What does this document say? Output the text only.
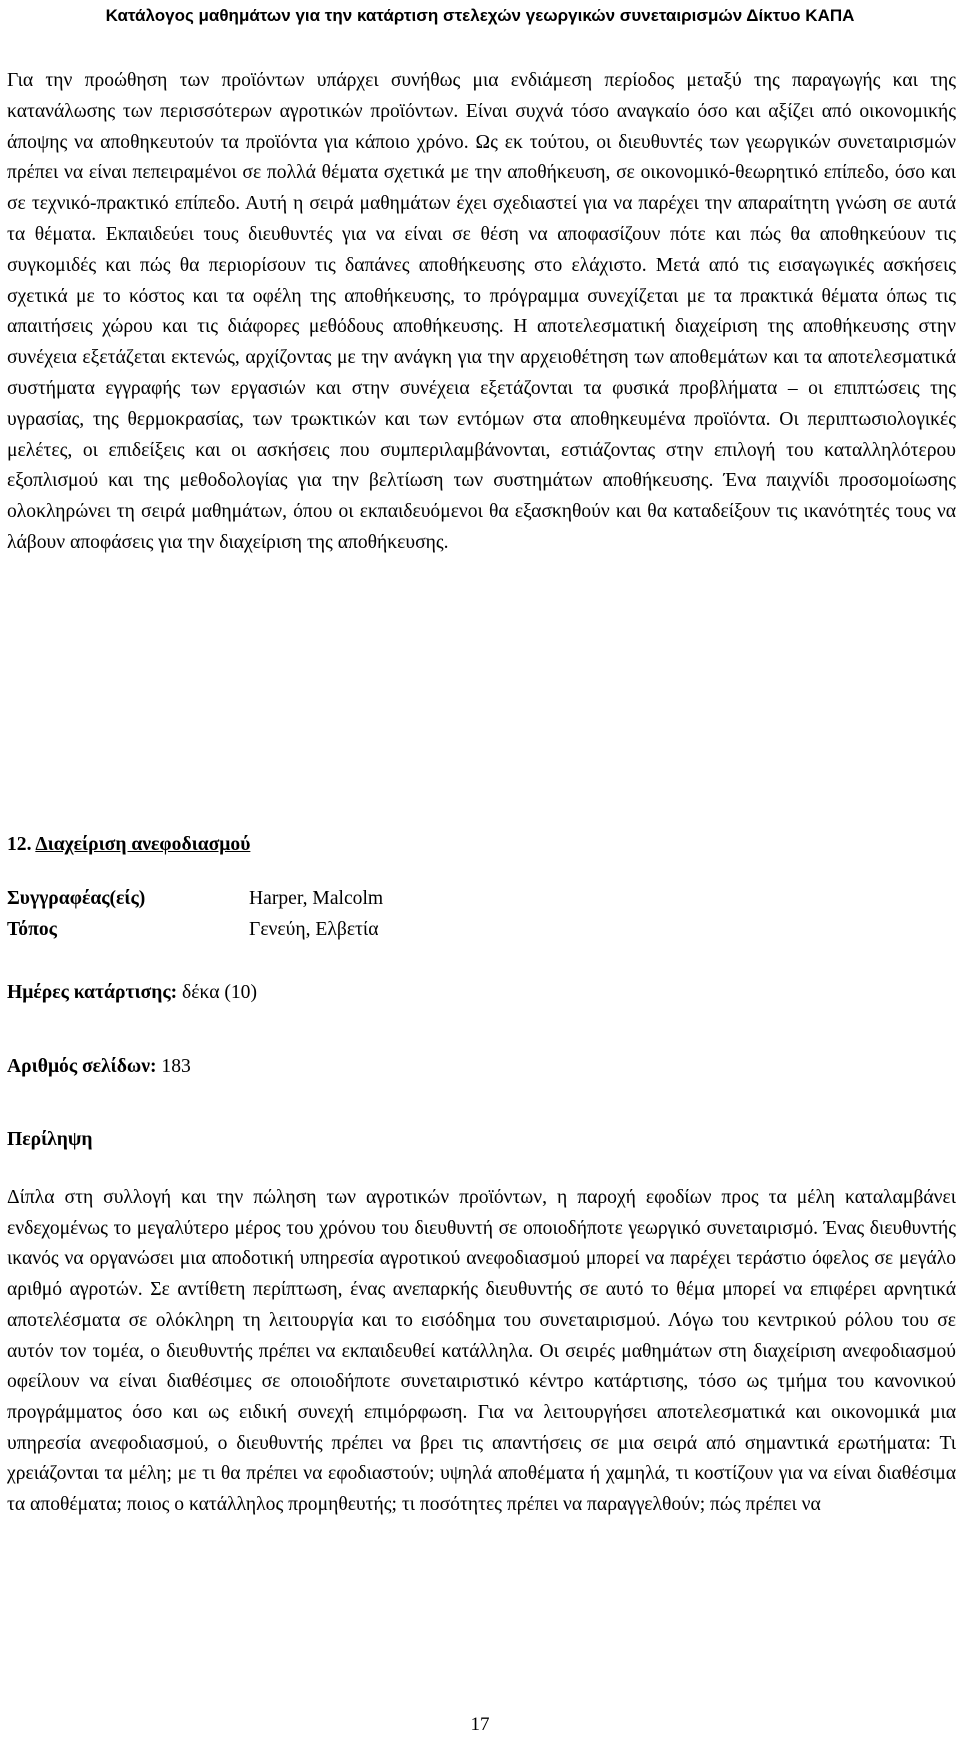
Κατάλογος μαθημάτων για την κατάρτιση στελεχών γεωργικών συνεταιρισμών Δίκτυο ΚΑΠΑ

Για την προώθηση των προϊόντων υπάρχει συνήθως μια ενδιάμεση περίοδος μεταξύ της παραγωγής και της κατανάλωσης των περισσότερων αγροτικών προϊόντων. Είναι συχνά τόσο αναγκαίο όσο και αξίζει από οικονομικής άποψης να αποθηκευτούν τα προϊόντα για κάποιο χρόνο. Ως εκ τούτου, οι διευθυντές των γεωργικών συνεταιρισμών πρέπει να είναι πεπειραμένοι σε πολλά θέματα σχετικά με την αποθήκευση, σε οικονομικό-θεωρητικό επίπεδο, όσο και σε τεχνικό-πρακτικό επίπεδο. Αυτή η σειρά μαθημάτων έχει σχεδιαστεί για να παρέχει την απαραίτητη γνώση σε αυτά τα θέματα. Εκπαιδεύει τους διευθυντές για να είναι σε θέση να αποφασίζουν πότε και πώς θα αποθηκεύουν τις συγκομιδές και πώς θα περιορίσουν τις δαπάνες αποθήκευσης στο ελάχιστο. Μετά από τις εισαγωγικές ασκήσεις σχετικά με το κόστος και τα οφέλη της αποθήκευσης, το πρόγραμμα συνεχίζεται με τα πρακτικά θέματα όπως τις απαιτήσεις χώρου και τις διάφορες μεθόδους αποθήκευσης. Η αποτελεσματική διαχείριση της αποθήκευσης στην συνέχεια εξετάζεται εκτενώς, αρχίζοντας με την ανάγκη για την αρχειοθέτηση των αποθεμάτων και τα αποτελεσματικά συστήματα εγγραφής των εργασιών και στην συνέχεια εξετάζονται τα φυσικά προβλήματα – οι επιπτώσεις της υγρασίας, της θερμοκρασίας, των τρωκτικών και των εντόμων στα αποθηκευμένα προϊόντα. Οι περιπτωσιολογικές μελέτες, οι επιδείξεις και οι ασκήσεις που συμπεριλαμβάνονται, εστιάζοντας στην επιλογή του καταλληλότερου εξοπλισμού και της μεθοδολογίας για την βελτίωση των συστημάτων αποθήκευσης. Ένα παιχνίδι προσομοίωσης ολοκληρώνει τη σειρά μαθημάτων, όπου οι εκπαιδευόμενοι θα εξασκηθούν και θα καταδείξουν τις ικανότητές τους να λάβουν αποφάσεις για την διαχείριση της αποθήκευσης.

12. Διαχείριση ανεφοδιασμού
Συγγραφέας(είς)	Harper, Malcolm
Τόπος	Γενεύη, Ελβετία
Ημέρες κατάρτισης: δέκα (10)
Αριθμός σελίδων: 183
Περίληψη

Δίπλα στη συλλογή και την πώληση των αγροτικών προϊόντων, η παροχή εφοδίων προς τα μέλη καταλαμβάνει ενδεχομένως το μεγαλύτερο μέρος του χρόνου του διευθυντή σε οποιοδήποτε γεωργικό συνεταιρισμό. Ένας διευθυντής ικανός να οργανώσει μια αποδοτική υπηρεσία αγροτικού ανεφοδιασμού μπορεί να παρέχει τεράστιο όφελος σε μεγάλο αριθμό αγροτών. Σε αντίθετη περίπτωση, ένας ανεπαρκής διευθυντής σε αυτό το θέμα μπορεί να επιφέρει αρνητικά αποτελέσματα σε ολόκληρη τη λειτουργία και το εισόδημα του συνεταιρισμού. Λόγω του κεντρικού ρόλου του σε αυτόν τον τομέα, ο διευθυντής πρέπει να εκπαιδευθεί κατάλληλα. Οι σειρές μαθημάτων στη διαχείριση ανεφοδιασμού οφείλουν να είναι διαθέσιμες σε οποιοδήποτε συνεταιριστικό κέντρο κατάρτισης, τόσο ως τμήμα του κανονικού προγράμματος όσο και ως ειδική συνεχή επιμόρφωση. Για να λειτουργήσει αποτελεσματικά και οικονομικά μια υπηρεσία ανεφοδιασμού, ο διευθυντής πρέπει να βρει τις απαντήσεις σε μια σειρά από σημαντικά ερωτήματα: Τι χρειάζονται τα μέλη; με τι θα πρέπει να εφοδιαστούν; υψηλά αποθέματα ή χαμηλά, τι κοστίζουν για να είναι διαθέσιμα τα αποθέματα; ποιος ο κατάλληλος προμηθευτής; τι ποσότητες πρέπει να παραγγελθούν; πώς πρέπει να

17
